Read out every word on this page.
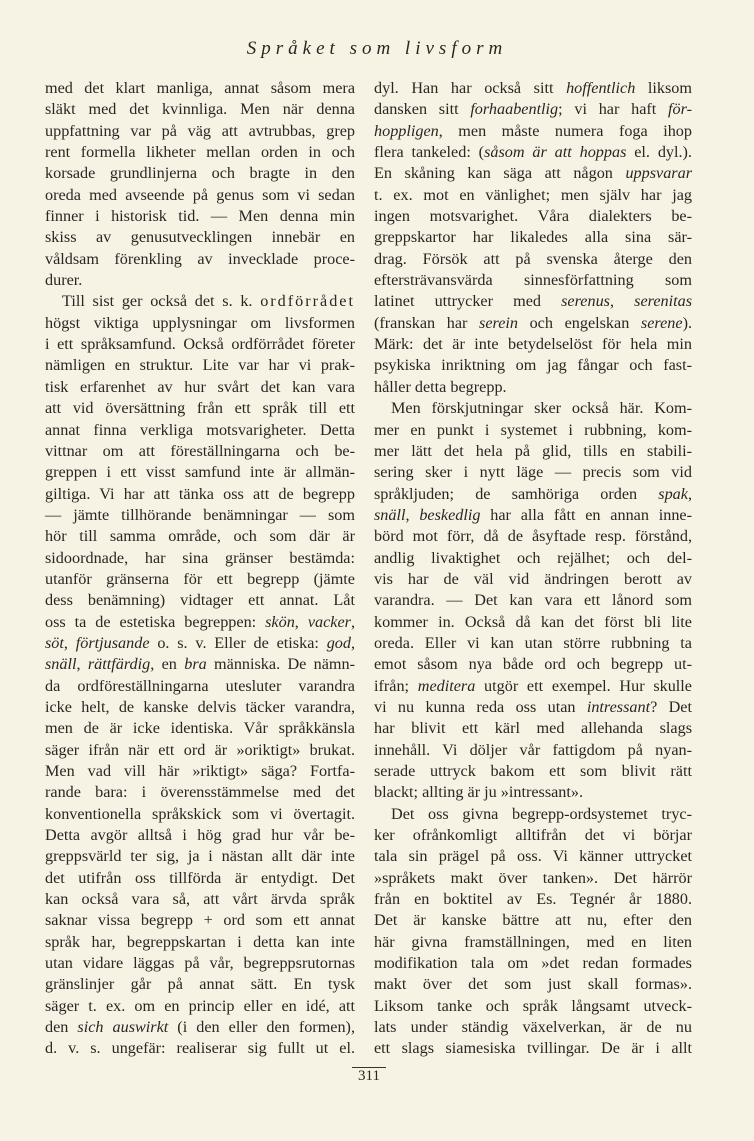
Språket som livsform
med det klart manliga, annat såsom mera
släkt med det kvinnliga. Men när denna
uppfattning var på väg att avtrubbas, grep
rent formella likheter mellan orden in och
korsade grundlinjerna och bragte in den
oreda med avseende på genus som vi sedan
finner i historisk tid. — Men denna min
skiss av genusutvecklingen innebär en
våldsam förenkling av invecklade proce-
durer.
Till sist ger också det s. k. ordförrådet
högst viktiga upplysningar om livsformen
i ett språksamfund. Också ordförrådet företer
nämligen en struktur. Lite var har vi prak-
tisk erfarenhet av hur svårt det kan vara
att vid översättning från ett språk till ett
annat finna verkliga motsvarigheter. Detta
vittnar om att föreställningarna och be-
greppen i ett visst samfund inte är allmän-
giltiga. Vi har att tänka oss att de begrepp
— jämte tillhörande benämningar — som
hör till samma område, och som där är
sidoordnade, har sina gränser bestämda:
utanför gränserna för ett begrepp (jämte
dess benämning) vidtager ett annat. Låt
oss ta de estetiska begreppen: skön, vacker,
söt, förtjusande o. s. v. Eller de etiska: god,
snäll, rättfärdig, en bra människa. De nämn-
da ordföreställningarna utesluter varandra
icke helt, de kanske delvis täcker varandra,
men de är icke identiska. Vår språkkänsla
säger ifrån när ett ord är »oriktigt» brukat.
Men vad vill här »riktigt» säga? Fortfa-
rande bara: i överensstämmelse med det
konventionella språkskick som vi övertagit.
Detta avgör alltså i hög grad hur vår be-
greppsvärld ter sig, ja i nästan allt där inte
det utifrån oss tillförda är entydigt. Det
kan också vara så, att vårt ärvda språk
saknar vissa begrepp + ord som ett annat
språk har, begreppskartan i detta kan inte
utan vidare läggas på vår, begreppsrutornas
gränslinjer går på annat sätt. En tysk
säger t. ex. om en princip eller en idé, att
den sich auswirkt (i den eller den formen),
d. v. s. ungefär: realiserar sig fullt ut el.
dyl. Han har också sitt hoffentlich liksom
dansken sitt forhaabentlig; vi har haft för-
hoppligen, men måste numera foga ihop
flera tankeled: (såsom är att hoppas el. dyl.).
En skåning kan säga att någon uppsvarar
t. ex. mot en vänlighet; men själv har jag
ingen motsvarighet. Våra dialekters be-
greppskartor har likaledes alla sina sär-
drag. Försök att på svenska återge den
eftersträvansvärda sinnesförfattning som
latinet uttrycker med serenus, serenitas
(franskan har serein och engelskan serene).
Märk: det är inte betydelselöst för hela min
psykiska inriktning om jag fångar och fast-
håller detta begrepp.
Men förskjutningar sker också här. Kom-
mer en punkt i systemet i rubbning, kom-
mer lätt det hela på glid, tills en stabili-
sering sker i nytt läge — precis som vid
språkljuden; de samhöriga orden spak,
snäll, beskedlig har alla fått en annan inne-
börd mot förr, då de åsyftade resp. förstånd,
andlig livaktighet och rejälhet; och del-
vis har de väl vid ändringen berott av
varandra. — Det kan vara ett lånord som
kommer in. Också då kan det först bli lite
oreda. Eller vi kan utan större rubbning ta
emot såsom nya både ord och begrepp ut-
ifrån; meditera utgör ett exempel. Hur skulle
vi nu kunna reda oss utan intressant? Det
har blivit ett kärl med allehanda slags
innehåll. Vi döljer vår fattigdom på nyan-
serade uttryck bakom ett som blivit rätt
blackt; allting är ju »intressant».
Det oss givna begrepp-ordsystemet tryc-
ker ofrånkomligt alltifrån det vi börjar
tala sin prägel på oss. Vi känner uttrycket
»språkets makt över tanken». Det härrör
från en boktitel av Es. Tegnér år 1880.
Det är kanske bättre att nu, efter den
här givna framställningen, med en liten
modifikation tala om »det redan formades
makt över det som just skall formas».
Liksom tanke och språk långsamt utveck-
lats under ständig växelverkan, är de nu
ett slags siamesiska tvillingar. De är i allt
311
